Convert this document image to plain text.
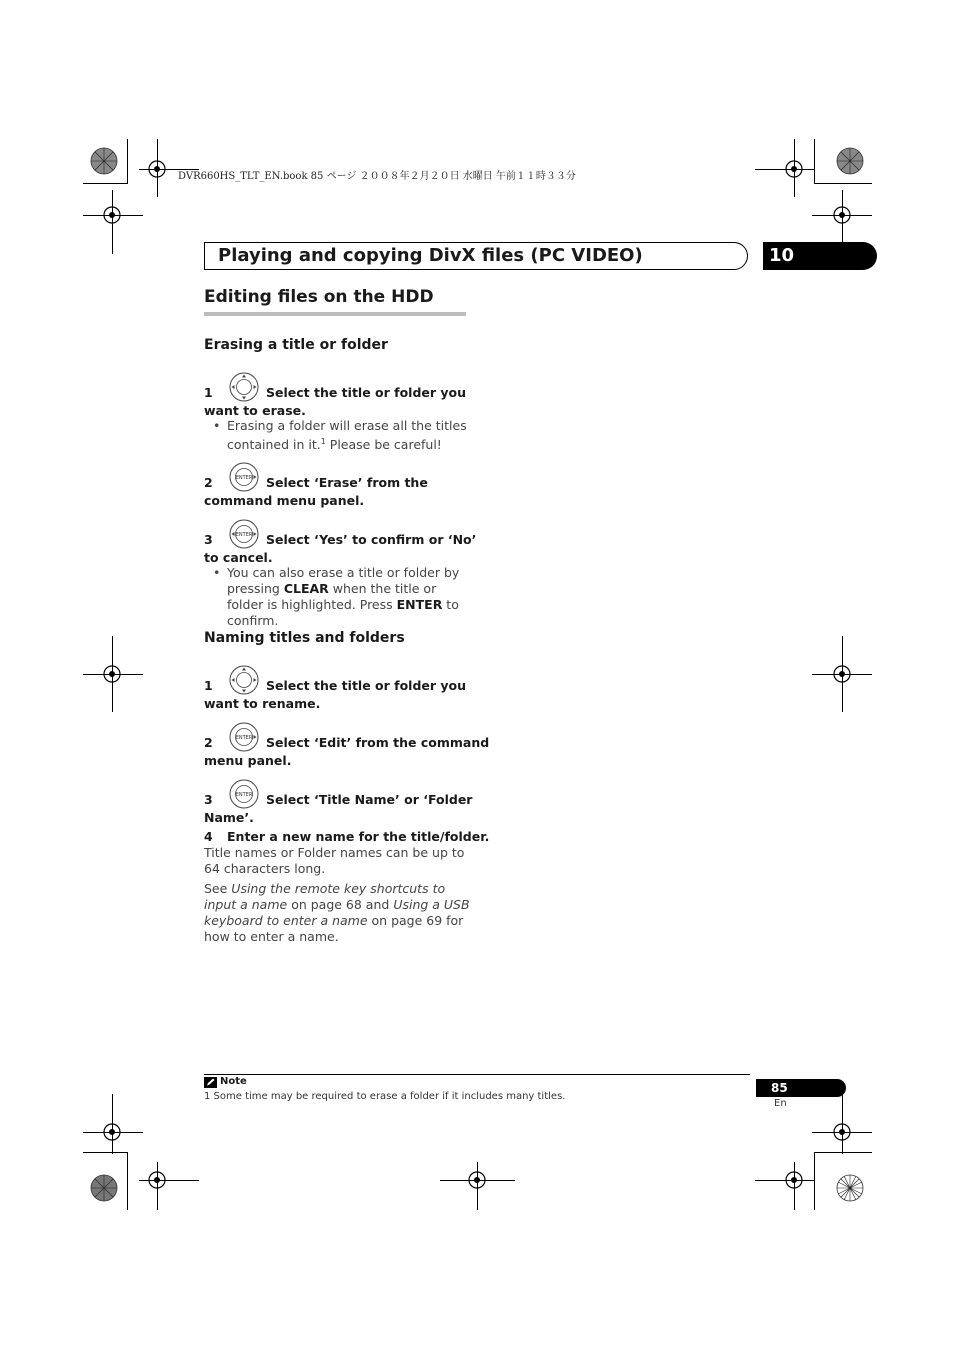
DVR660HS_TLT_EN.book 85 ページ ２００８年２月２０日 水曜日 午前１１時３３分
Playing and copying DivX files (PC VIDEO)	10
Editing files on the HDD
Erasing a title or folder
1	Select the title or folder you
want to erase.
• Erasing a folder will erase all the titles contained in it.$^1$ Please be careful!
ENTER
2	Select ‘Erase’ from the
command menu panel.
ENTER
3	Select ‘Yes’ to confirm or ‘No’
to cancel.
• You can also erase a title or folder by pressing CLEAR when the title or folder is highlighted. Press ENTER to confirm.
Naming titles and folders
1	Select the title or folder you
want to rename.
ENTER
2	Select ‘Edit’ from the command
menu panel.
ENTER
3	Select ‘Title Name’ or ‘Folder
Name’.
4 Enter a new name for the title/folder.
Title names or Folder names can be up to 64 characters long.
See Using the remote key shortcuts to input a name on page 68 and Using a USB keyboard to enter a name on page 69 for how to enter a name.
Note
1 Some time may be required to erase a folder if it includes many titles.
85
En
